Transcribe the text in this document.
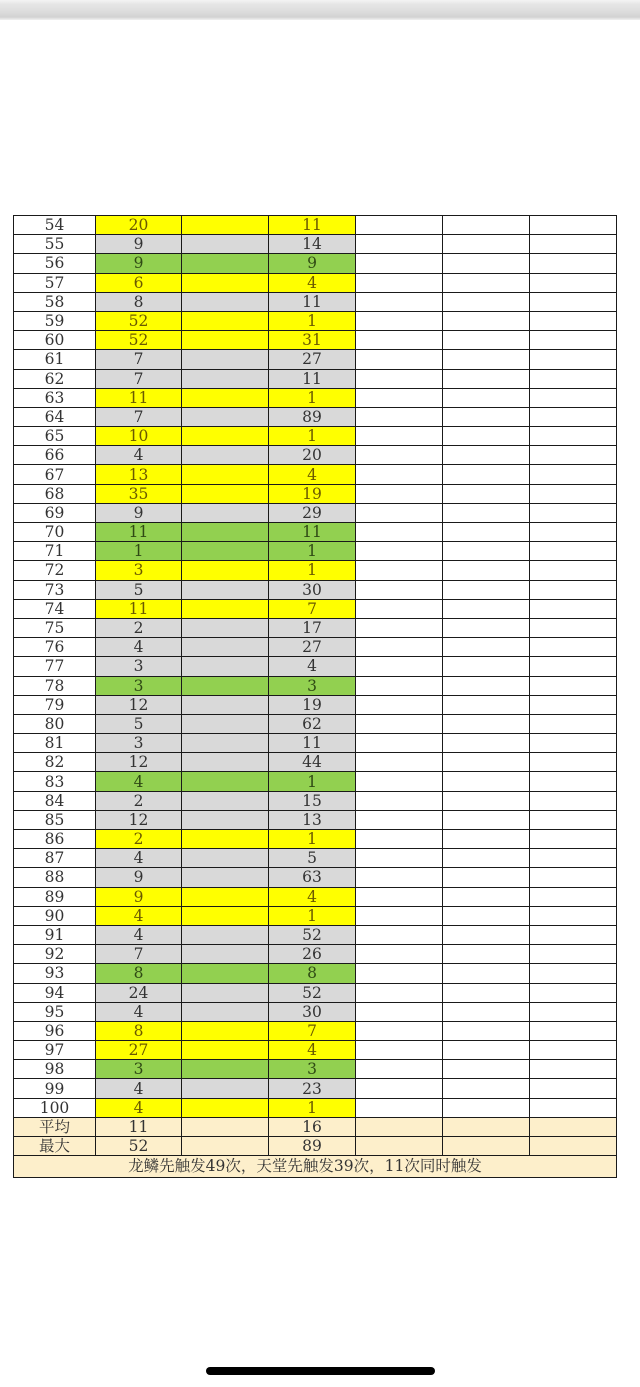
54	20		11			
55	9		14			
56	9		9			
57	6		4			
58	8		11			
59	52		1			
60	52		31			
61	7		27			
62	7		11			
63	11		1			
64	7		89			
65	10		1			
66	4		20			
67	13		4			
68	35		19			
69	9		29			
70	11		11			
71	1		1			
72	3		1			
73	5		30			
74	11		7			
75	2		17			
76	4		27			
77	3		4			
78	3		3			
79	12		19			
80	5		62			
81	3		11			
82	12		44			
83	4		1			
84	2		15			
85	12		13			
86	2		1			
87	4		5			
88	9		63			
89	9		4			
90	4		1			
91	4		52			
92	7		26			
93	8		8			
94	24		52			
95	4		30			
96	8		7			
97	27		4			
98	3		3			
99	4		23			
100	4		1			
平均	11		16			
最大	52		89			
龙鳞先触发49次，天堂先触发39次，11次同时触发						
